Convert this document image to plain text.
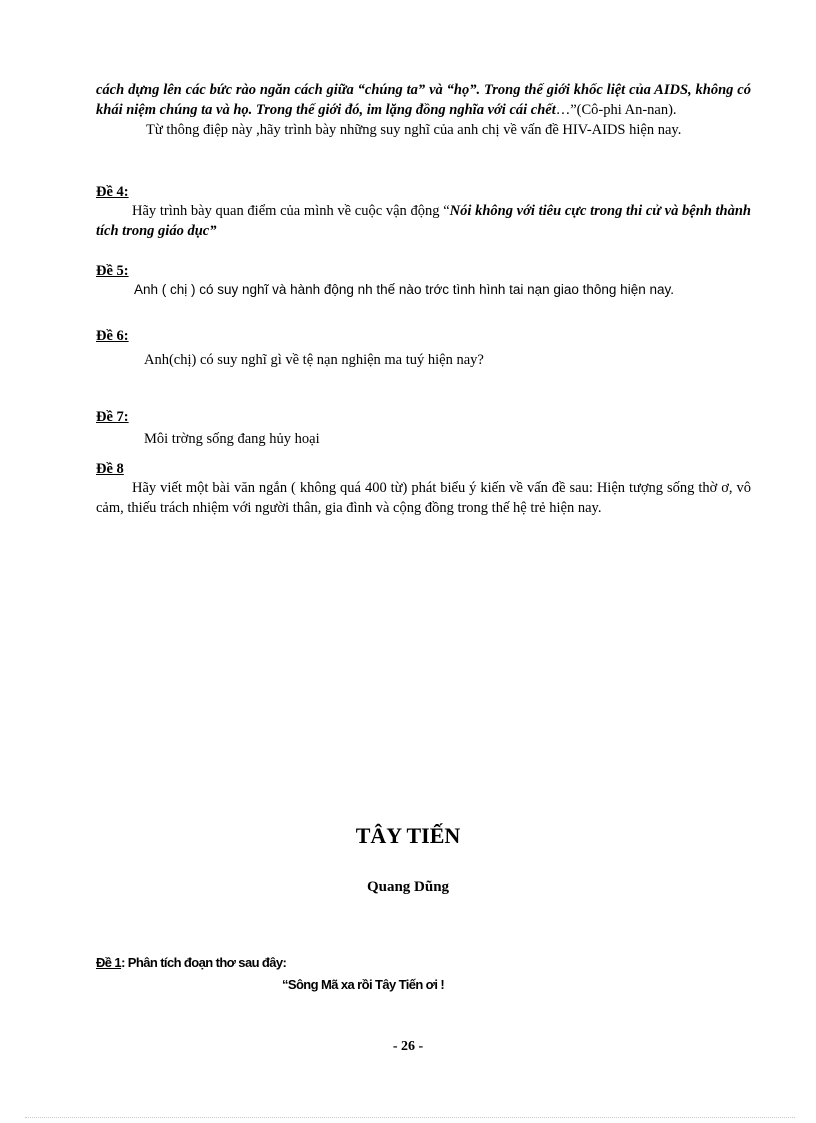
cách dựng lên các bức rào ngăn cách giữa “chúng ta” và “họ”. Trong thế giới khốc liệt của AIDS, không có khái niệm chúng ta và họ. Trong thế giới đó, im lặng đồng nghĩa với cái chết…”(Cô-phi An-nan).

Từ thông điệp này ,hãy trình bày những suy nghĩ của anh chị về vấn đề HIV-AIDS hiện nay.

Đề 4:

Hãy trình bày quan điểm của mình về cuộc vận động “Nói không với tiêu cực trong thi cử và bệnh thành tích trong giáo dục”

Đề 5:

Anh ( chị ) có suy nghĩ và hành động nh thế nào trớc tình hình tai nạn giao thông hiện nay.

Đề 6:

Anh(chị) có suy nghĩ gì về tệ nạn nghiện ma tuý hiện nay?

Đề 7:

Môi trờng sống đang hủy hoại

Đề 8

Hãy viết một bài văn ngắn ( không quá 400 từ) phát biểu ý kiến về vấn đề sau: Hiện tượng sống thờ ơ, vô cảm, thiếu trách nhiệm với người thân, gia đình và cộng đồng trong thế hệ trẻ hiện nay.

TÂY TIẾN
Quang Dũng
Đề 1: Phân tích đoạn thơ sau đây:
“Sông Mã xa rồi Tây Tiến ơi !
- 26 -
